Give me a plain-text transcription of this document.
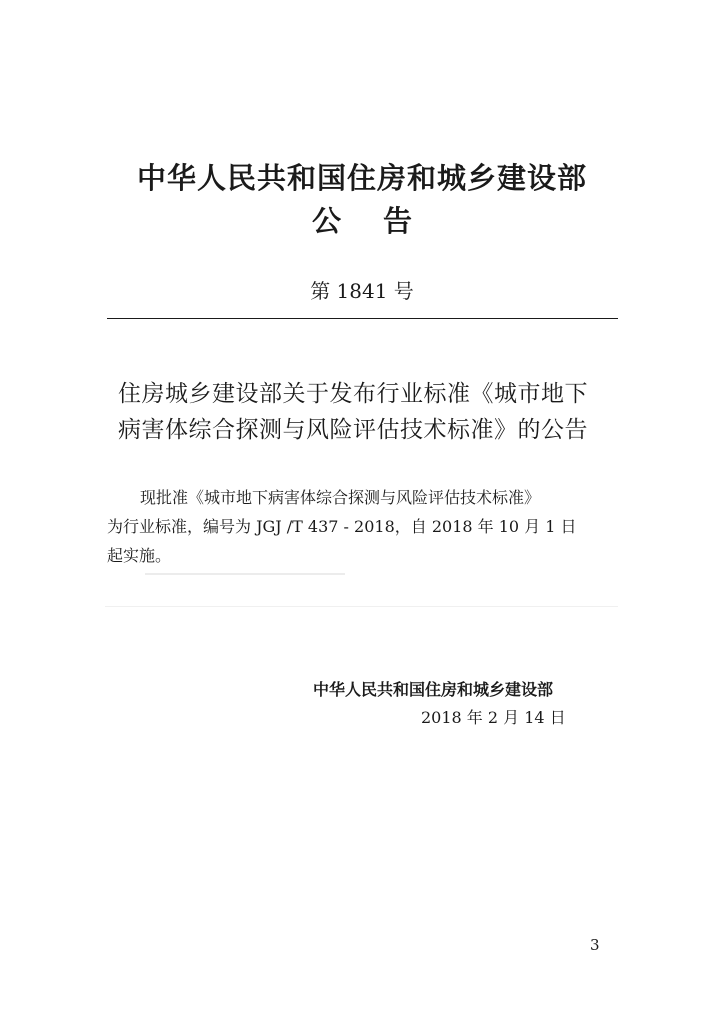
中华人民共和国住房和城乡建设部
公告
第 1841 号
住房城乡建设部关于发布行业标准《城市地下
病害体综合探测与风险评估技术标准》的公告
现批准《城市地下病害体综合探测与风险评估技术标准》
为行业标准，编号为 JGJ /T 437 - 2018，自 2018 年 10 月 1 日
起实施。
中华人民共和国住房和城乡建设部
2018 年 2 月 14 日
3
